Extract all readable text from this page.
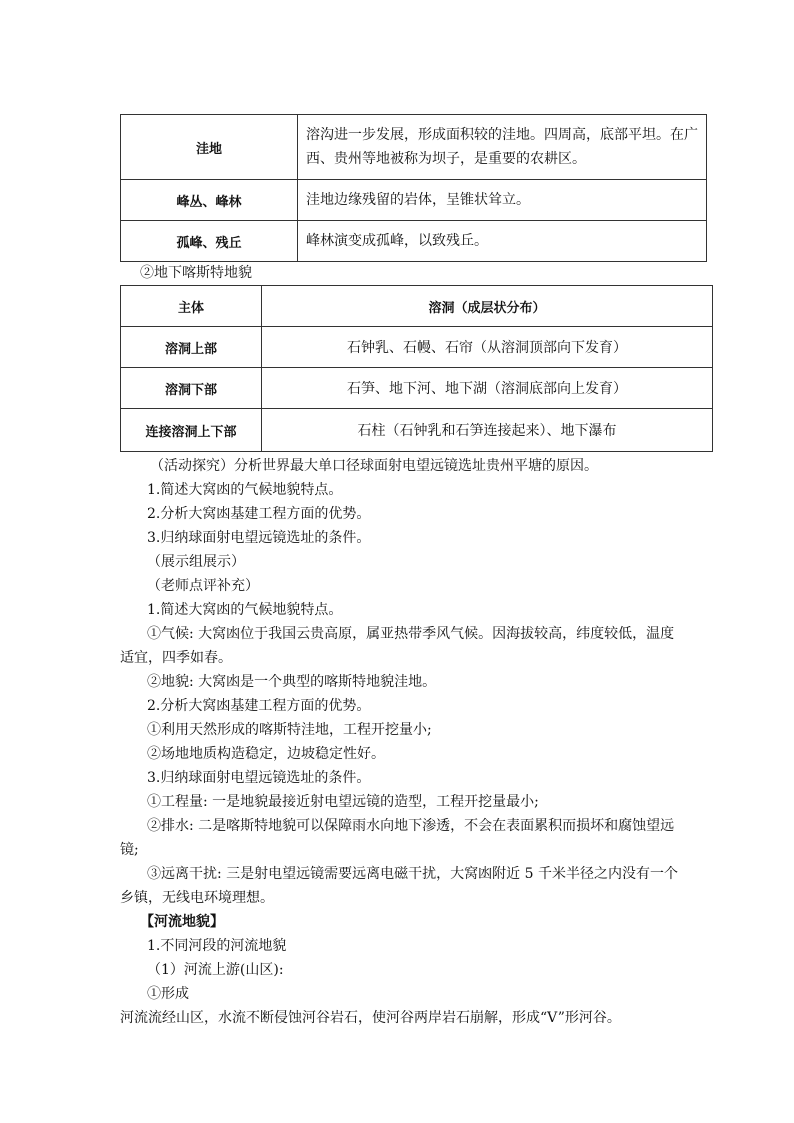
洼地	溶沟进一步发展，形成面积较的洼地。四周高，底部平坦。在广西、贵州等地被称为坝子，是重要的农耕区。
峰丛、峰林	洼地边缘残留的岩体，呈锥状耸立。
孤峰、残丘	峰林演变成孤峰，以致残丘。
②地下喀斯特地貌
主体	溶洞（成层状分布）
溶洞上部	石钟乳、石幔、石帘（从溶洞顶部向下发育）
溶洞下部	石笋、地下河、地下湖（溶洞底部向上发育）
连接溶洞上下部	石柱（石钟乳和石笋连接起来）、地下瀑布
（活动探究）分析世界最大单口径球面射电望远镜选址贵州平塘的原因。
1.简述大窝凼的气候地貌特点。
2.分析大窝凼基建工程方面的优势。
3.归纳球面射电望远镜选址的条件。
（展示组展示）
（老师点评补充）
1.简述大窝凼的气候地貌特点。
①气候: 大窝凼位于我国云贵高原，属亚热带季风气候。因海拔较高，纬度较低，温度
适宜，四季如春。
②地貌: 大窝凼是一个典型的喀斯特地貌洼地。
2.分析大窝凼基建工程方面的优势。
①利用天然形成的喀斯特洼地，工程开挖量小;
②场地地质构造稳定，边坡稳定性好。
3.归纳球面射电望远镜选址的条件。
①工程量: 一是地貌最接近射电望远镜的造型，工程开挖量最小;
②排水: 二是喀斯特地貌可以保障雨水向地下渗透，不会在表面累积而损坏和腐蚀望远
镜;
③远离干扰: 三是射电望远镜需要远离电磁干扰，大窝凼附近 5 千米半径之内没有一个
乡镇，无线电环境理想。
【河流地貌】
1.不同河段的河流地貌
（1）河流上游(山区):
①形成
河流流经山区，水流不断侵蚀河谷岩石，使河谷两岸岩石崩解，形成“V”形河谷。
